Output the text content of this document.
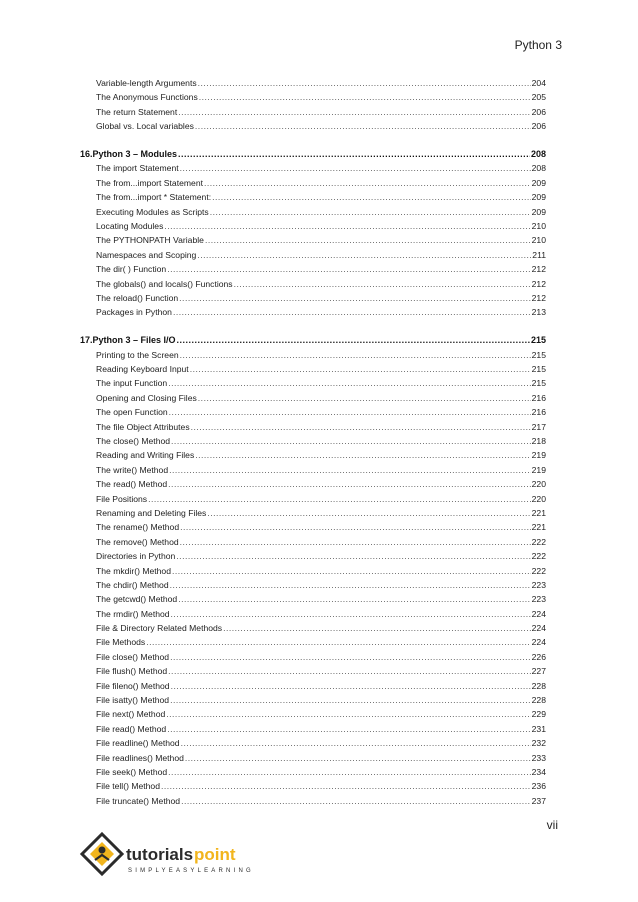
Python 3
Variable-length Arguments .....	204
The Anonymous Functions .....	205
The return Statement .....	206
Global vs. Local variables .....	206
16. Python 3 – Modules .....	208
The import Statement .....	208
The from...import Statement .....	209
The from...import * Statement: .....	209
Executing Modules as Scripts .....	209
Locating Modules .....	210
The PYTHONPATH Variable .....	210
Namespaces and Scoping .....	211
The dir( ) Function .....	212
The globals() and locals() Functions .....	212
The reload() Function .....	212
Packages in Python .....	213
17. Python 3 – Files I/O .....	215
Printing to the Screen .....	215
Reading Keyboard Input .....	215
The input Function .....	215
Opening and Closing Files .....	216
The open Function .....	216
The file Object Attributes .....	217
The close() Method .....	218
Reading and Writing Files .....	219
The write() Method .....	219
The read() Method .....	220
File Positions .....	220
Renaming and Deleting Files .....	221
The rename() Method .....	221
The remove() Method .....	222
Directories in Python .....	222
The mkdir() Method .....	222
The chdir() Method .....	223
The getcwd() Method .....	223
The rmdir() Method .....	224
File & Directory Related Methods .....	224
File Methods .....	224
File close() Method .....	226
File flush() Method .....	227
File fileno() Method .....	228
File isatty() Method .....	228
File next() Method .....	229
File read() Method .....	231
File readline() Method .....	232
File readlines() Method .....	233
File seek() Method .....	234
File tell() Method .....	236
File truncate() Method .....	237
vii
tutorials point
SIMPLYEASYLEARNING
